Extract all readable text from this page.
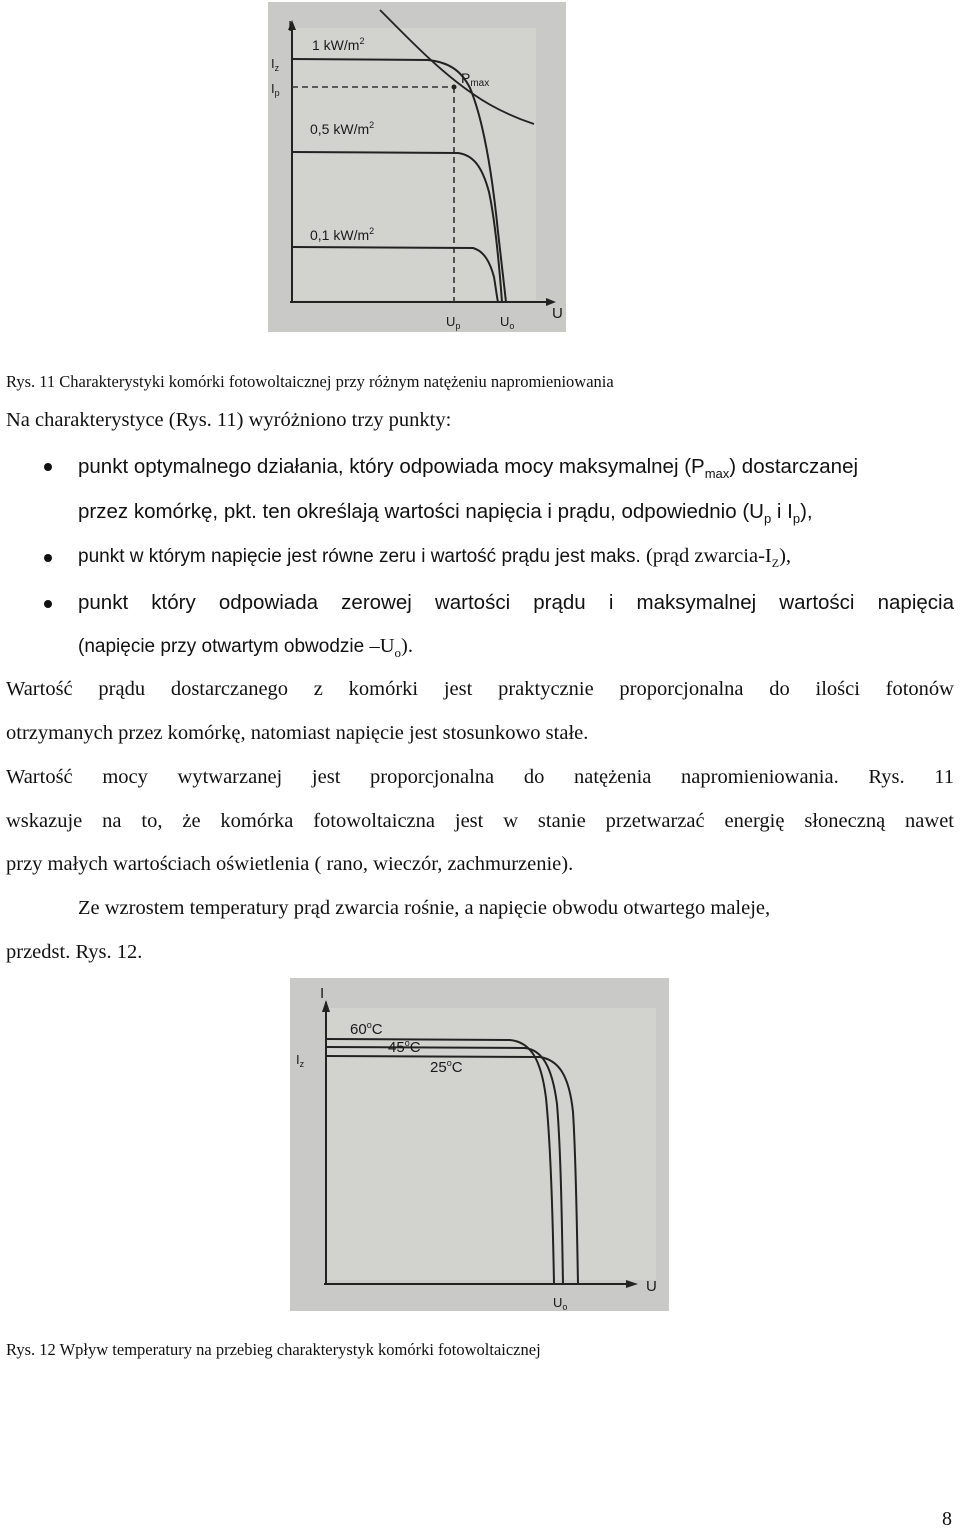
I
$I_z$
$I_p$
$P_{max}$
1 $kW/m^2$
0,5 $kW/m^2$
0,1 $kW/m^2$
U
$U_p$	$U_o$
Rys. 11 Charakterystyki komórki fotowoltaicznej przy różnym natężeniu napromieniowania
Na charakterystyce (Rys. 11) wyróżniono trzy punkty:
punkt optymalnego działania, który odpowiada mocy maksymalnej $(P_{max})$ dostarczanej
przez komórkę, pkt. ten określają wartości napięcia i prądu, odpowiednio ($U_p$ i $I_p$),
punkt w którym napięcie jest równe zeru i wartość prądu jest maks. (prąd zwarcia-$I_Z$),
punkt który odpowiada zerowej wartości prądu i maksymalnej wartości napięcia
(napięcie przy otwartym obwodzie $-U_o$).
Wartość prądu dostarczanego z komórki jest praktycznie proporcjonalna do ilości fotonów
otrzymanych przez komórkę, natomiast napięcie jest stosunkowo stałe.
Wartość mocy wytwarzanej jest proporcjonalna do natężenia napromieniowania. Rys. 11
wskazuje na to, że komórka fotowoltaiczna jest w stanie przetwarzać energię słoneczną nawet
przy małych wartościach oświetlenia ( rano, wieczór, zachmurzenie).
Ze wzrostem temperatury prąd zwarcia rośnie, a napięcie obwodu otwartego maleje,
przedst. Rys. 12.
I
$I_z$
60$^o$C
45$^o$C
25$^o$C
U
$U_o$
Rys. 12 Wpływ temperatury na przebieg charakterystyk komórki fotowoltaicznej
8
